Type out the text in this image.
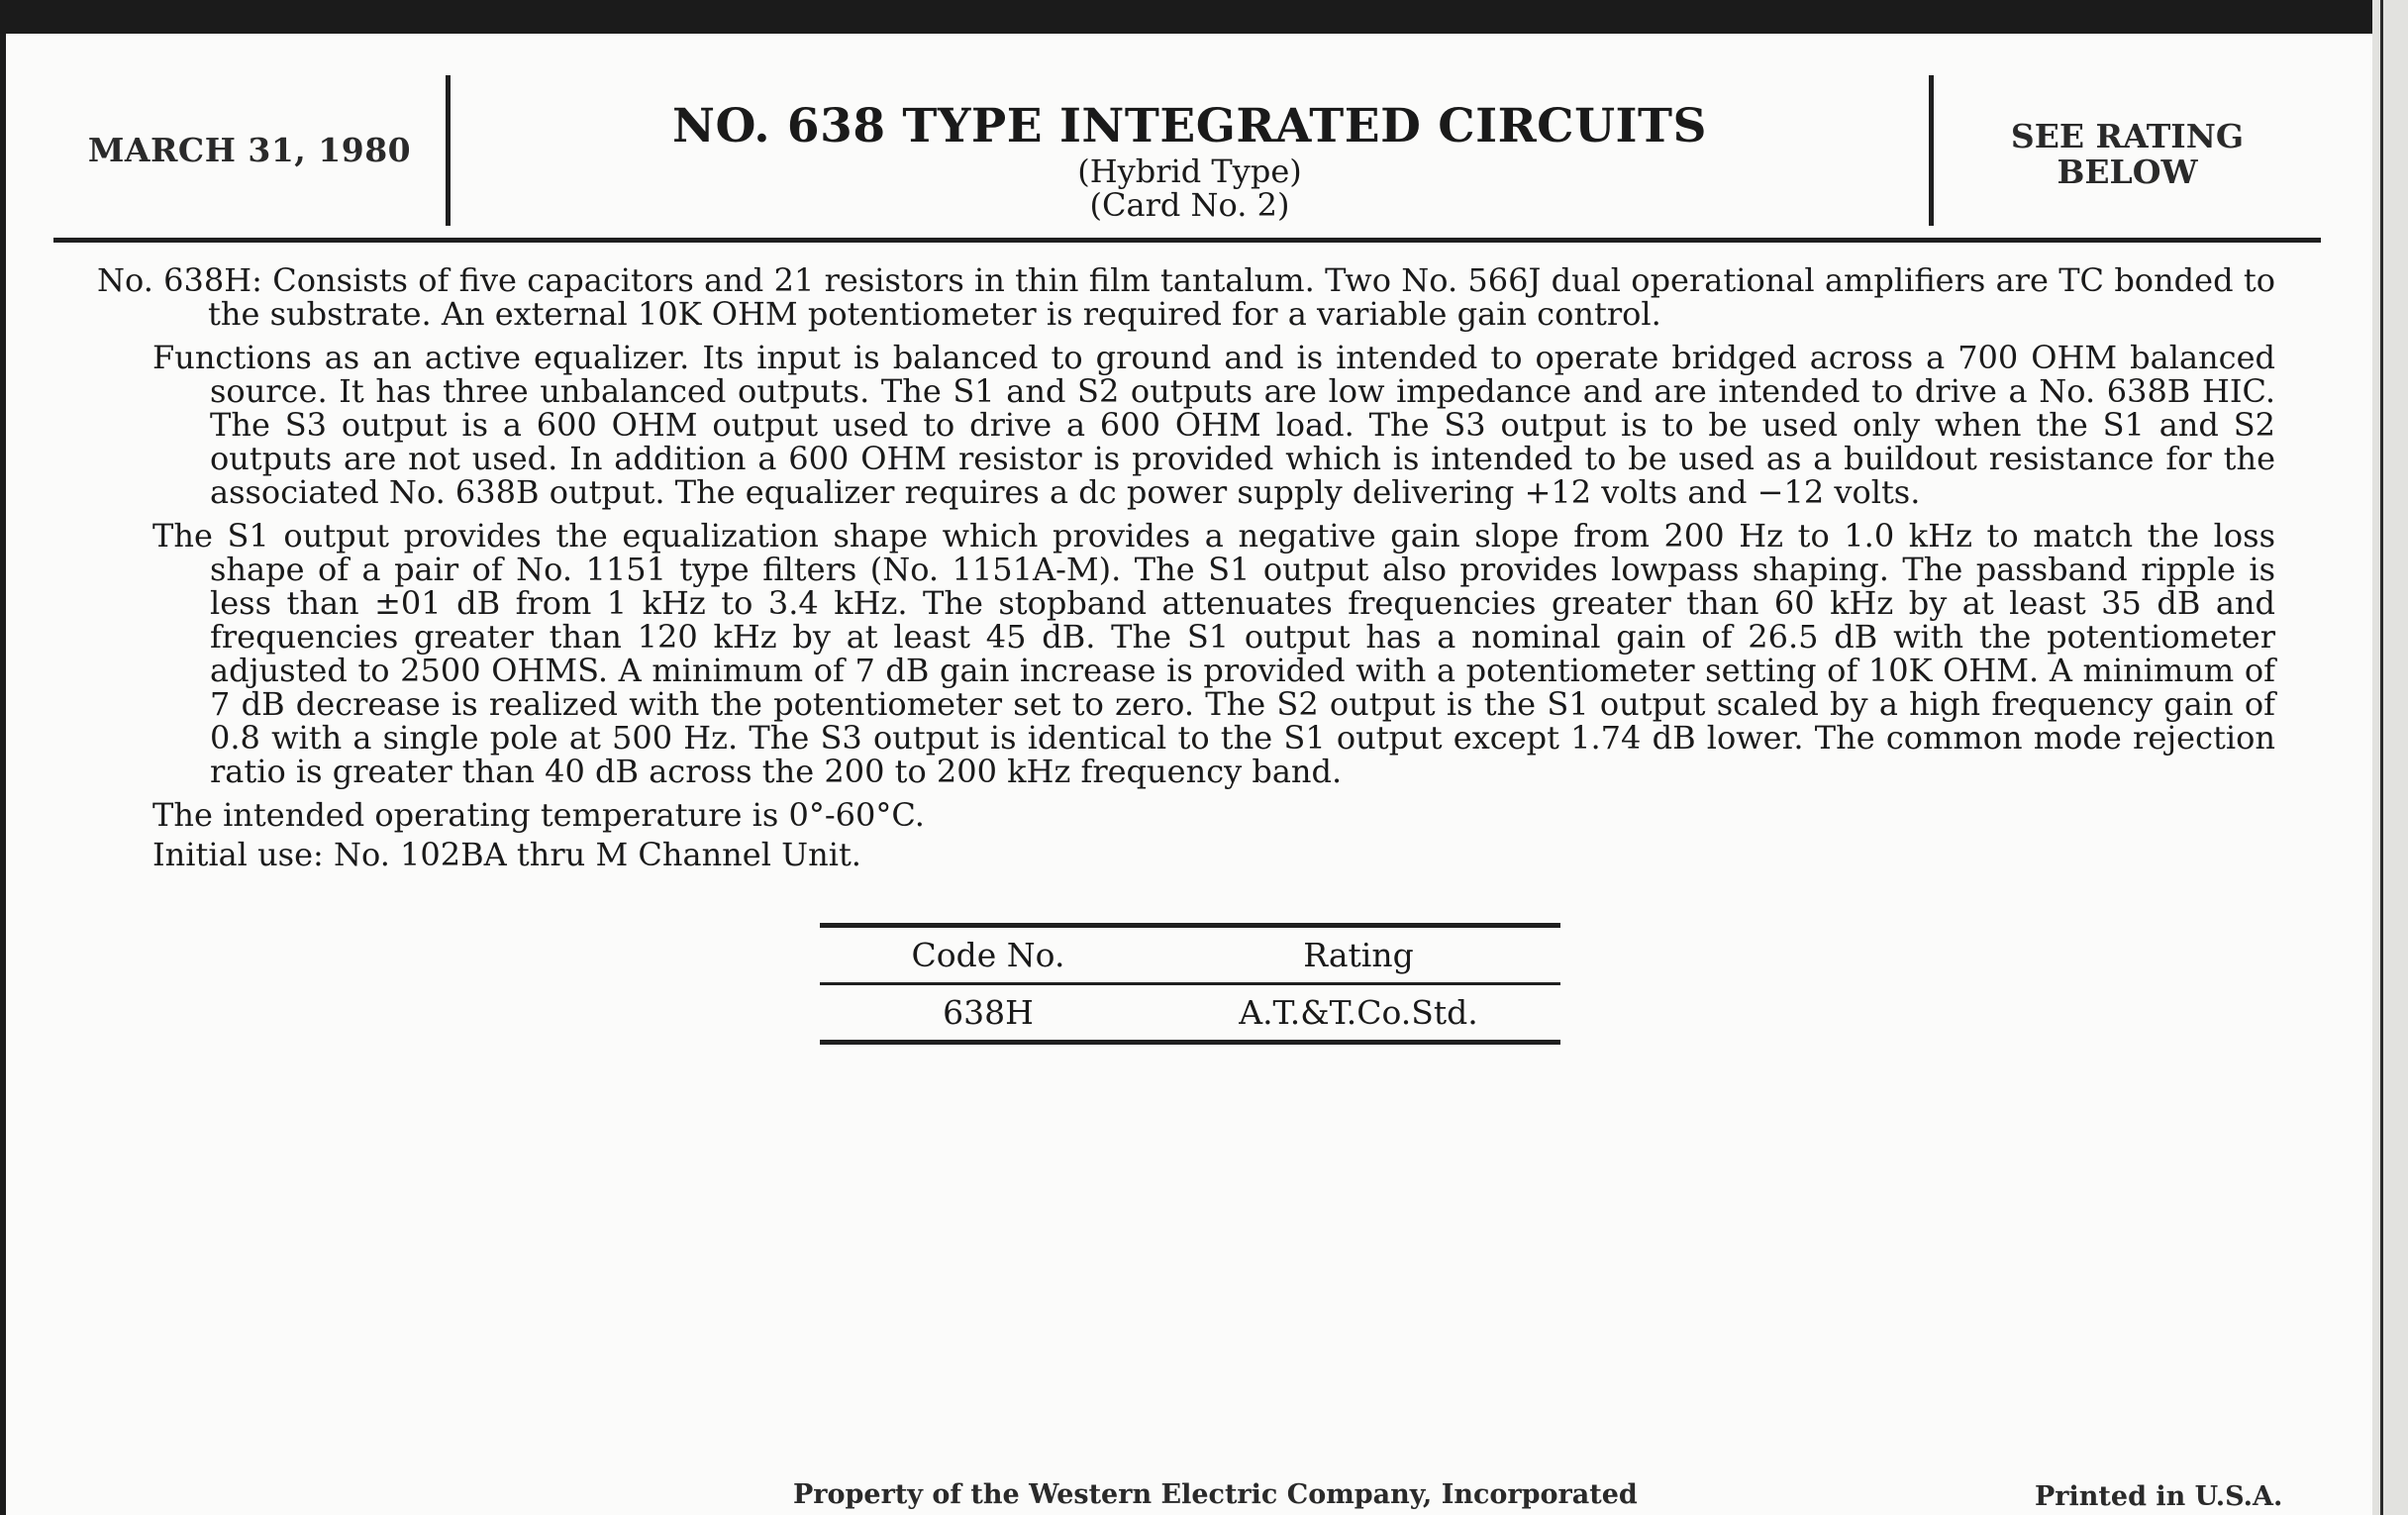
MARCH 31, 1980	NO. 638 TYPE INTEGRATED CIRCUITS
(Hybrid Type)
(Card No. 2)
SEE RATING
BELOW

No. 638H: Consists of five capacitors and 21 resistors in thin film tantalum. Two No. 566J dual operational amplifiers are TC bonded to the substrate. An external 10K OHM potentiometer is required for a variable gain control.

Functions as an active equalizer. Its input is balanced to ground and is intended to operate bridged across a 700 OHM balanced source. It has three unbalanced outputs. The S1 and S2 outputs are low impedance and are intended to drive a No. 638B HIC. The S3 output is a 600 OHM output used to drive a 600 OHM load. The S3 output is to be used only when the S1 and S2 outputs are not used. In addition a 600 OHM resistor is provided which is intended to be used as a buildout resistance for the associated No. 638B output. The equalizer requires a dc power supply delivering +12 volts and −12 volts.

The S1 output provides the equalization shape which provides a negative gain slope from 200 Hz to 1.0 kHz to match the loss shape of a pair of No. 1151 type filters (No. 1151A-M). The S1 output also provides lowpass shaping. The passband ripple is less than ±01 dB from 1 kHz to 3.4 kHz. The stopband attenuates frequencies greater than 60 kHz by at least 35 dB and frequencies greater than 120 kHz by at least 45 dB. The S1 output has a nominal gain of 26.5 dB with the potentiometer adjusted to 2500 OHMS. A minimum of 7 dB gain increase is provided with a potentiometer setting of 10K OHM. A minimum of 7 dB decrease is realized with the potentiometer set to zero. The S2 output is the S1 output scaled by a high frequency gain of 0.8 with a single pole at 500 Hz. The S3 output is identical to the S1 output except 1.74 dB lower. The common mode rejection ratio is greater than 40 dB across the 200 to 200 kHz frequency band.

The intended operating temperature is 0°-60°C.

Initial use: No. 102BA thru M Channel Unit.

Code No.	Rating
638H	A.T.&T.Co.Std.
Property of the Western Electric Company, Incorporated	Printed in U.S.A.
